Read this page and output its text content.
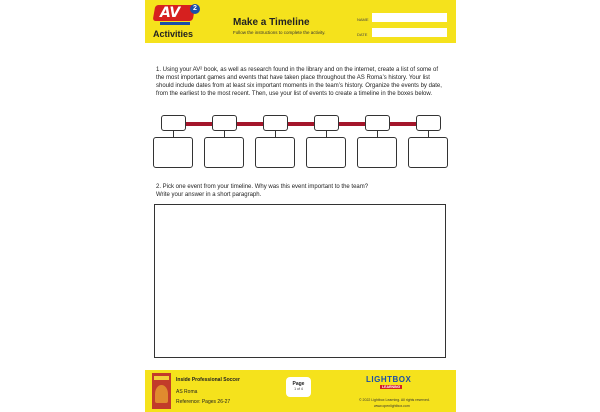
AV	2
Activities
Make a Timeline
Follow the instructions to complete the activity.
NAME
DATE
1. Using your AV² book, as well as research found in the library and on the internet, create a list of some of the most important games and events that have taken place throughout the AS Roma’s history. Your list should include dates from at least six important moments in the team’s history. Organize the events by date, from the earliest to the most recent. Then, use your list of events to create a timeline in the boxes below.
2. Pick one event from your timeline. Why was this event important to the team?
Write your answer in a short paragraph.
Inside Professional Soccer
AS Roma
Reference: Pages 26-27
Page
1 of 4
LIGHTBOX
LEARNING
© 2022 Lightbox Learning. All rights reserved.
www.openlightbox.com
